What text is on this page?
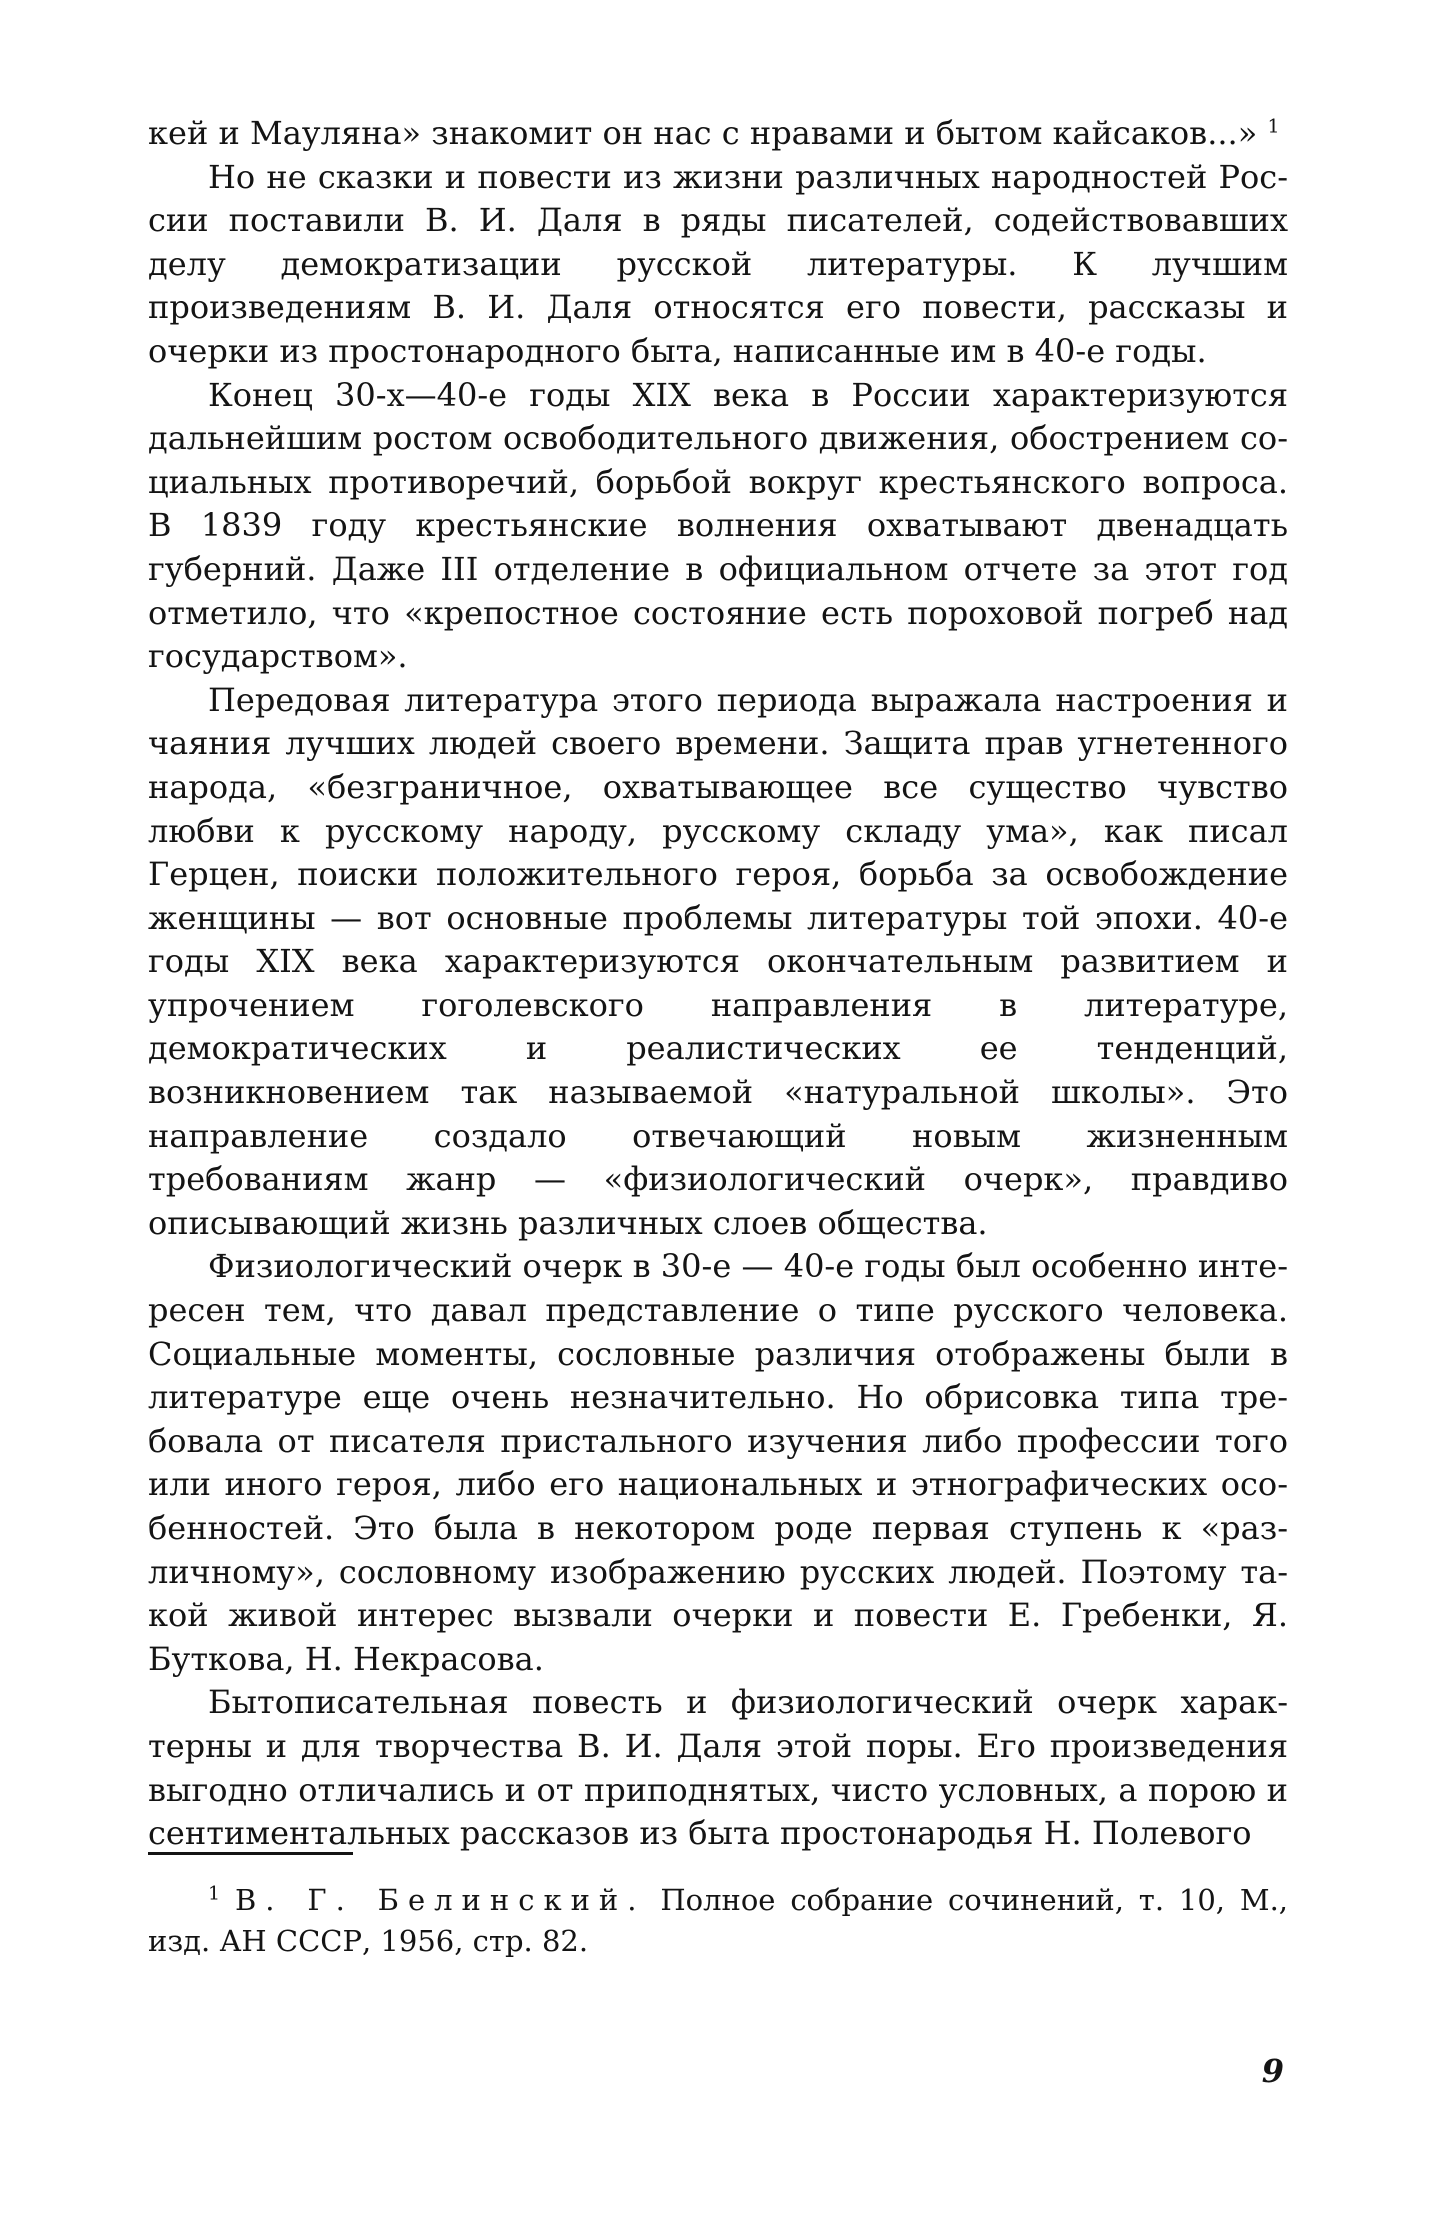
кей и Мауляна» знакомит он нас с нравами и бытом кайсаков...» $^1$

Но не сказки и повести из жизни различных народностей России поставили В. И. Даля в ряды писателей, содействовавших делу демократизации русской литературы. К лучшим произведениям В. И. Даля относятся его повести, рассказы и очерки из простонародного быта, написанные им в 40-е годы.

Конец 30-х—40-е годы XIX века в России характеризуются дальнейшим ростом освободительного движения, обострением социальных противоречий, борьбой вокруг крестьянского вопроса. В 1839 году крестьянские волнения охватывают двенадцать губерний. Даже III отделение в официальном отчете за этот год отметило, что «крепостное состояние есть пороховой погреб над государством».

Передовая литература этого периода выражала настроения и чаяния лучших людей своего времени. Защита прав угнетенного народа, «безграничное, охватывающее все существо чувство любви к русскому народу, русскому складу ума», как писал Герцен, поиски положительного героя, борьба за освобождение женщины — вот основные проблемы литературы той эпохи. 40-е годы XIX века характеризуются окончательным развитием и упрочением гоголевского направления в литературе, демократических и реалистических ее тенденций, возникновением так называемой «натуральной школы». Это направление создало отвечающий новым жизненным требованиям жанр — «физиологический очерк», правдиво описывающий жизнь различных слоев общества.

Физиологический очерк в 30-е — 40-е годы был особенно интересен тем, что давал представление о типе русского человека. Социальные моменты, сословные различия отображены были в литературе еще очень незначительно. Но обрисовка типа требовала от писателя пристального изучения либо профессии того или иного героя, либо его национальных и этнографических особенностей. Это была в некотором роде первая ступень к «различному», сословному изображению русских людей. Поэтому такой живой интерес вызвали очерки и повести Е. Гребенки, Я. Буткова, Н. Некрасова.

Бытописательная повесть и физиологический очерк характерны и для творчества В. И. Даля этой поры. Его произведения выгодно отличались и от приподнятых, чисто условных, а порою и сентиментальных рассказов из быта простонародья Н. Полевого

$^1$ В. Г. Белинский. Полное собрание сочинений, т. 10, М., изд. АН СССР, 1956, стр. 82.

9
